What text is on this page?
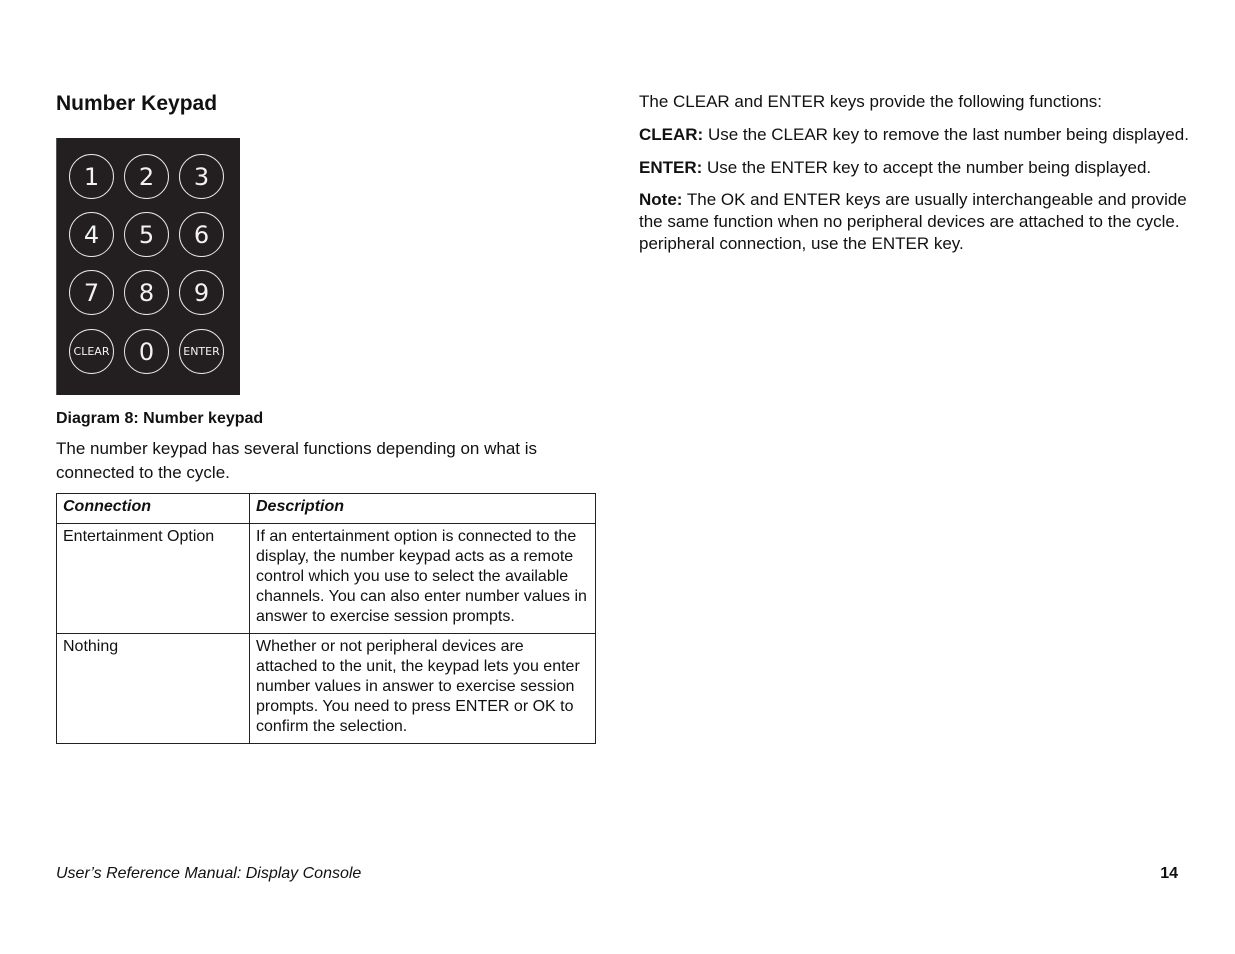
Number Keypad
1	2	3
4	5	6
7	8	9
CLEAR	0	ENTER

Diagram 8: Number keypad

The number keypad has several functions depending on what is connected to the cycle.

Connection	Description
Entertainment Option	If an entertainment option is connected to the display, the number keypad acts as a remote control which you use to select the available channels. You can also enter number values in answer to exercise session prompts.
Nothing	Whether or not peripheral devices are attached to the unit, the keypad lets you enter number values in answer to exercise session prompts. You need to press ENTER or OK to confirm the selection.

The CLEAR and ENTER keys provide the following functions:

CLEAR: Use the CLEAR key to remove the last number being displayed.

ENTER: Use the ENTER key to accept the number being displayed.

Note: The OK and ENTER keys are usually interchangeable and provide the same function when no peripheral devices are attached to the cycle. peripheral connection, use the ENTER key.

User’s Reference Manual: Display Console	14
